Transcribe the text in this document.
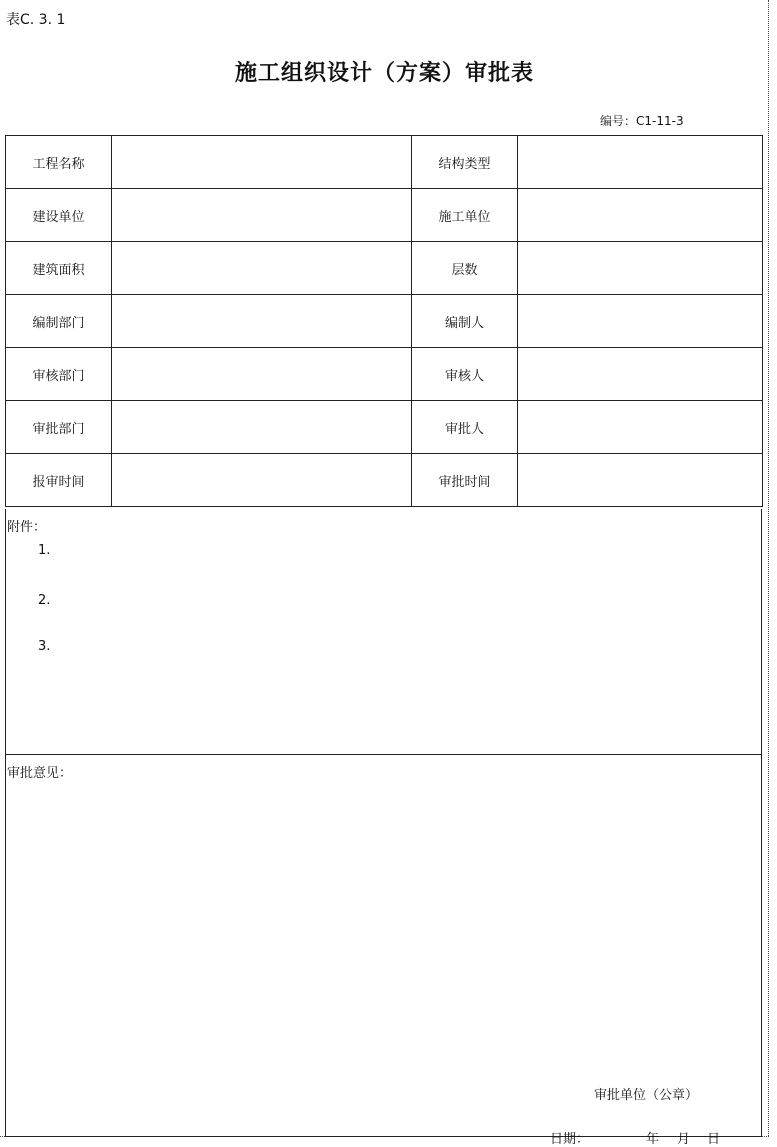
表C. 3. 1
施工组织设计（方案）审批表
编号：C1-11-3
工程名称		结构类型	
建设单位		施工单位	
建筑面积		层数	
编制部门		编制人	
审核部门		审核人	
审批部门		审批人	
报审时间		审批时间	
附件：
1.
2.
3.
审批意见：
审批单位（公章）
日期：	年 月 日
